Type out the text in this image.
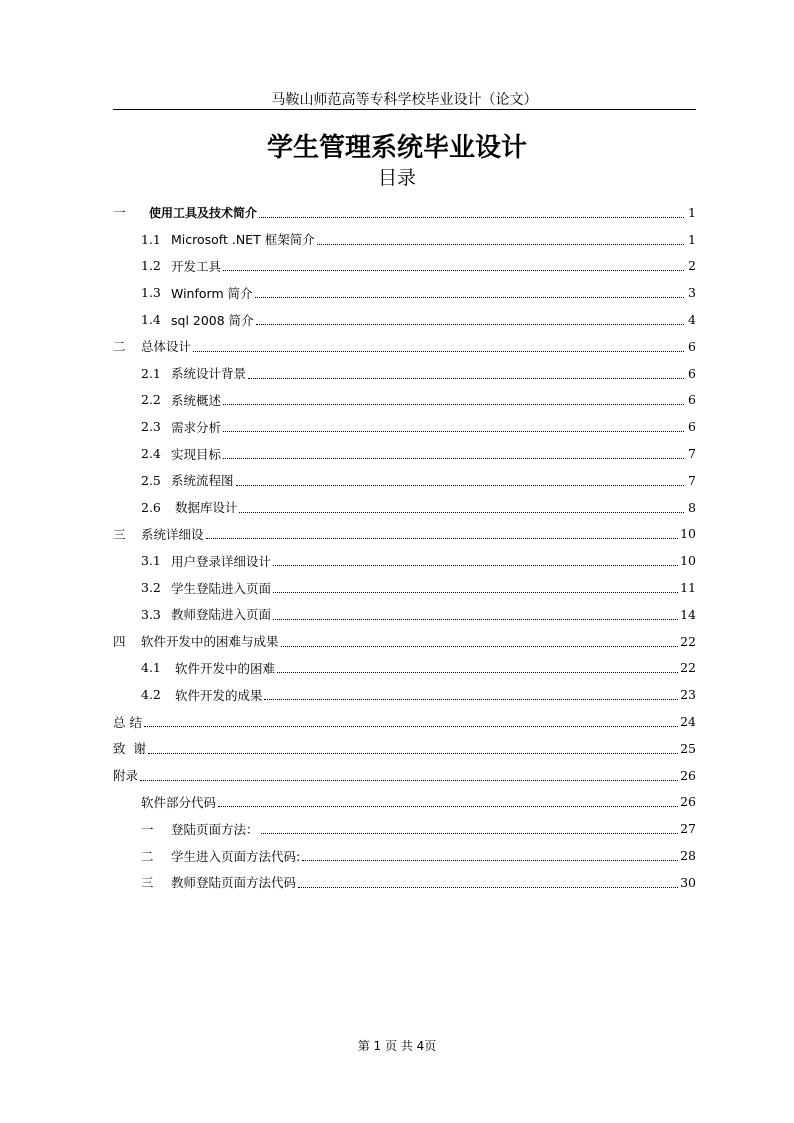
马鞍山师范高等专科学校毕业设计（论文）
学生管理系统毕业设计
目录
一	使用工具及技术简介	1
1.1 Microsoft .NET 框架简介	1
1.2 开发工具	2
1.3 Winform 简介	3
1.4 sql 2008 简介	4
二	总体设计	6
2.1 系统设计背景	6
2.2 系统概述	6
2.3 需求分析	6
2.4 实现目标	7
2.5 系统流程图	7
2.6 数据库设计	8
三	系统详细设	10
3.1 用户登录详细设计	10
3.2 学生登陆进入页面	11
3.3 教师登陆进入页面	14
四	软件开发中的困难与成果	22
4.1 软件开发中的困难	22
4.2 软件开发的成果	23
总 结	24
致  谢	25
附录	26
软件部分代码	26
一	登陆页面方法：	27
二	学生进入页面方法代码:	28
三	教师登陆页面方法代码	30
第 1 页 共 4页
